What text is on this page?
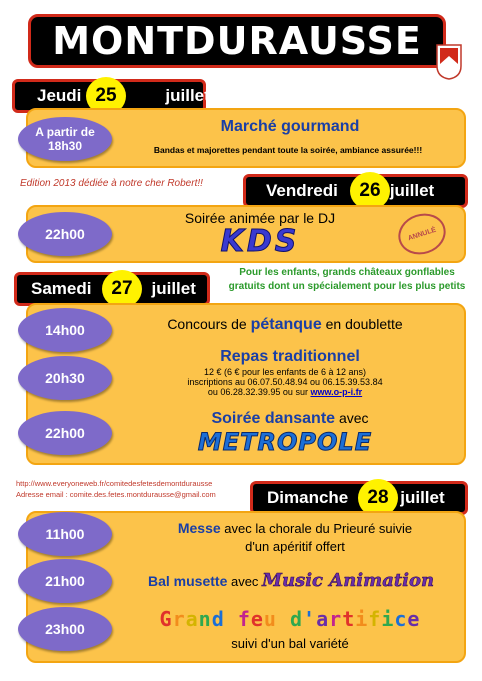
MONTDURAUSSE
Jeudi	juillet
25
A partir de
18h30
Marché gourmand
Bandas et majorettes pendant toute la soirée, ambiance assurée!!!
Edition 2013 dédiée à notre cher Robert!!	Vendredi	juillet
26
22h00
Soirée animée par le DJ
KDS	ANNULÉ
Pour les enfants, grands châteaux gonflables
gratuits dont un spécialement pour les plus petits
Samedi	juillet
27
14h00	Concours de pétanque en doublette
20h30
Repas traditionnel
12 € (6 € pour les enfants de 6 à 12 ans)
inscriptions au 06.07.50.48.94 ou 06.15.39.53.84
ou 06.28.32.39.95 ou sur www.o-p-i.fr
22h00
Soirée dansante avec
METROPOLE
http://www.everyoneweb.fr/comitedesfetesdemontdurausse
Adresse email : comite.des.fetes.montdurausse@gmail.com	Dimanche	juillet
28
11h00	Messe avec la chorale du Prieuré suivie
d'un apéritif offert
21h00	Bal musette avec Music Animation
23h00	Grand feu d'artifice
suivi d'un bal variété
